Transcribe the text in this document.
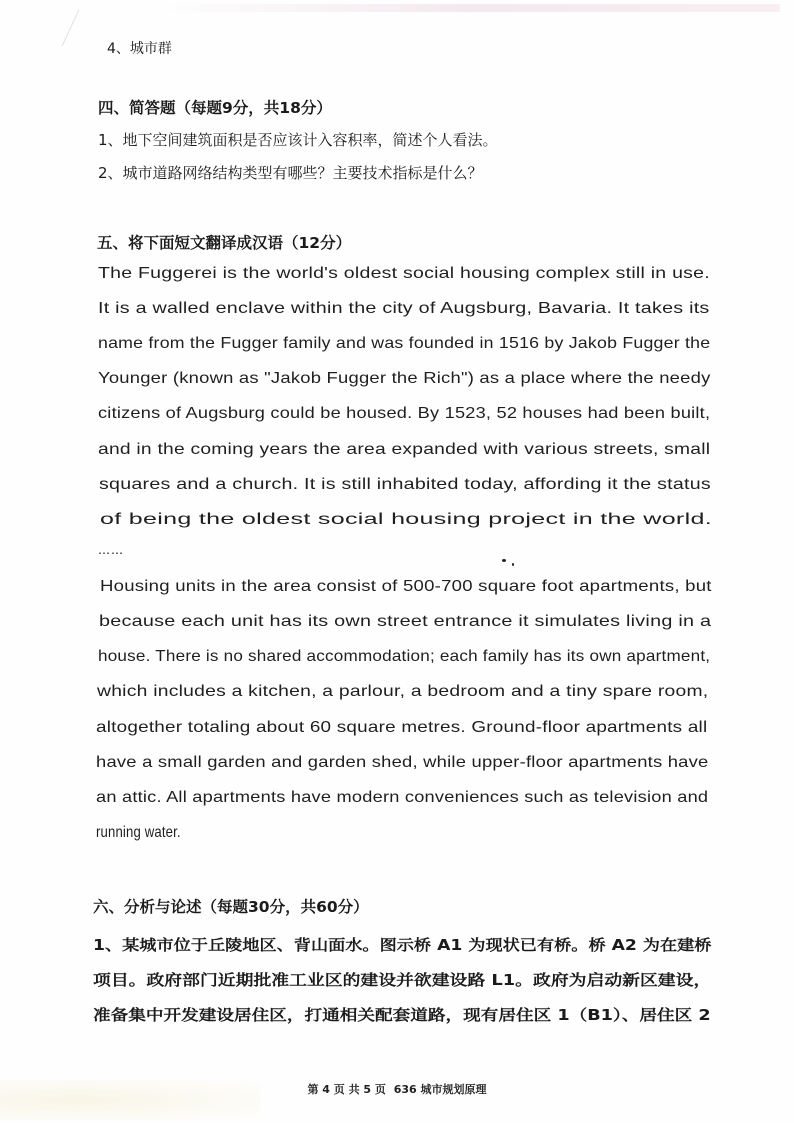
4、城市群
四、简答题（每题9分，共18分）
1、地下空间建筑面积是否应该计入容积率，简述个人看法。
2、城市道路网络结构类型有哪些？主要技术指标是什么？
五、将下面短文翻译成汉语（12分）
The Fuggerei is the world's oldest social housing complex still in use.
It is a walled enclave within the city of Augsburg, Bavaria. It takes its
name from the Fugger family and was founded in 1516 by Jakob Fugger the
Younger (known as "Jakob Fugger the Rich") as a place where the needy
citizens of Augsburg could be housed. By 1523, 52 houses had been built,
and in the coming years the area expanded with various streets, small
squares and a church. It is still inhabited today, affording it the status
of being the oldest social housing project in the world.
……
Housing units in the area consist of 500-700 square foot apartments, but
because each unit has its own street entrance it simulates living in a
house. There is no shared accommodation; each family has its own apartment,
which includes a kitchen, a parlour, a bedroom and a tiny spare room,
altogether totaling about 60 square metres. Ground-floor apartments all
have a small garden and garden shed, while upper-floor apartments have
an attic. All apartments have modern conveniences such as television and
running water.
六、分析与论述（每题30分，共60分）
1、某城市位于丘陵地区、背山面水。图示桥 A1 为现状已有桥。桥 A2 为在建桥
项目。政府部门近期批准工业区的建设并欲建设路 L1。政府为启动新区建设，
准备集中开发建设居住区，打通相关配套道路，现有居住区 1（B1）、居住区 2
第 4 页 共 5 页 636 城市规划原理
